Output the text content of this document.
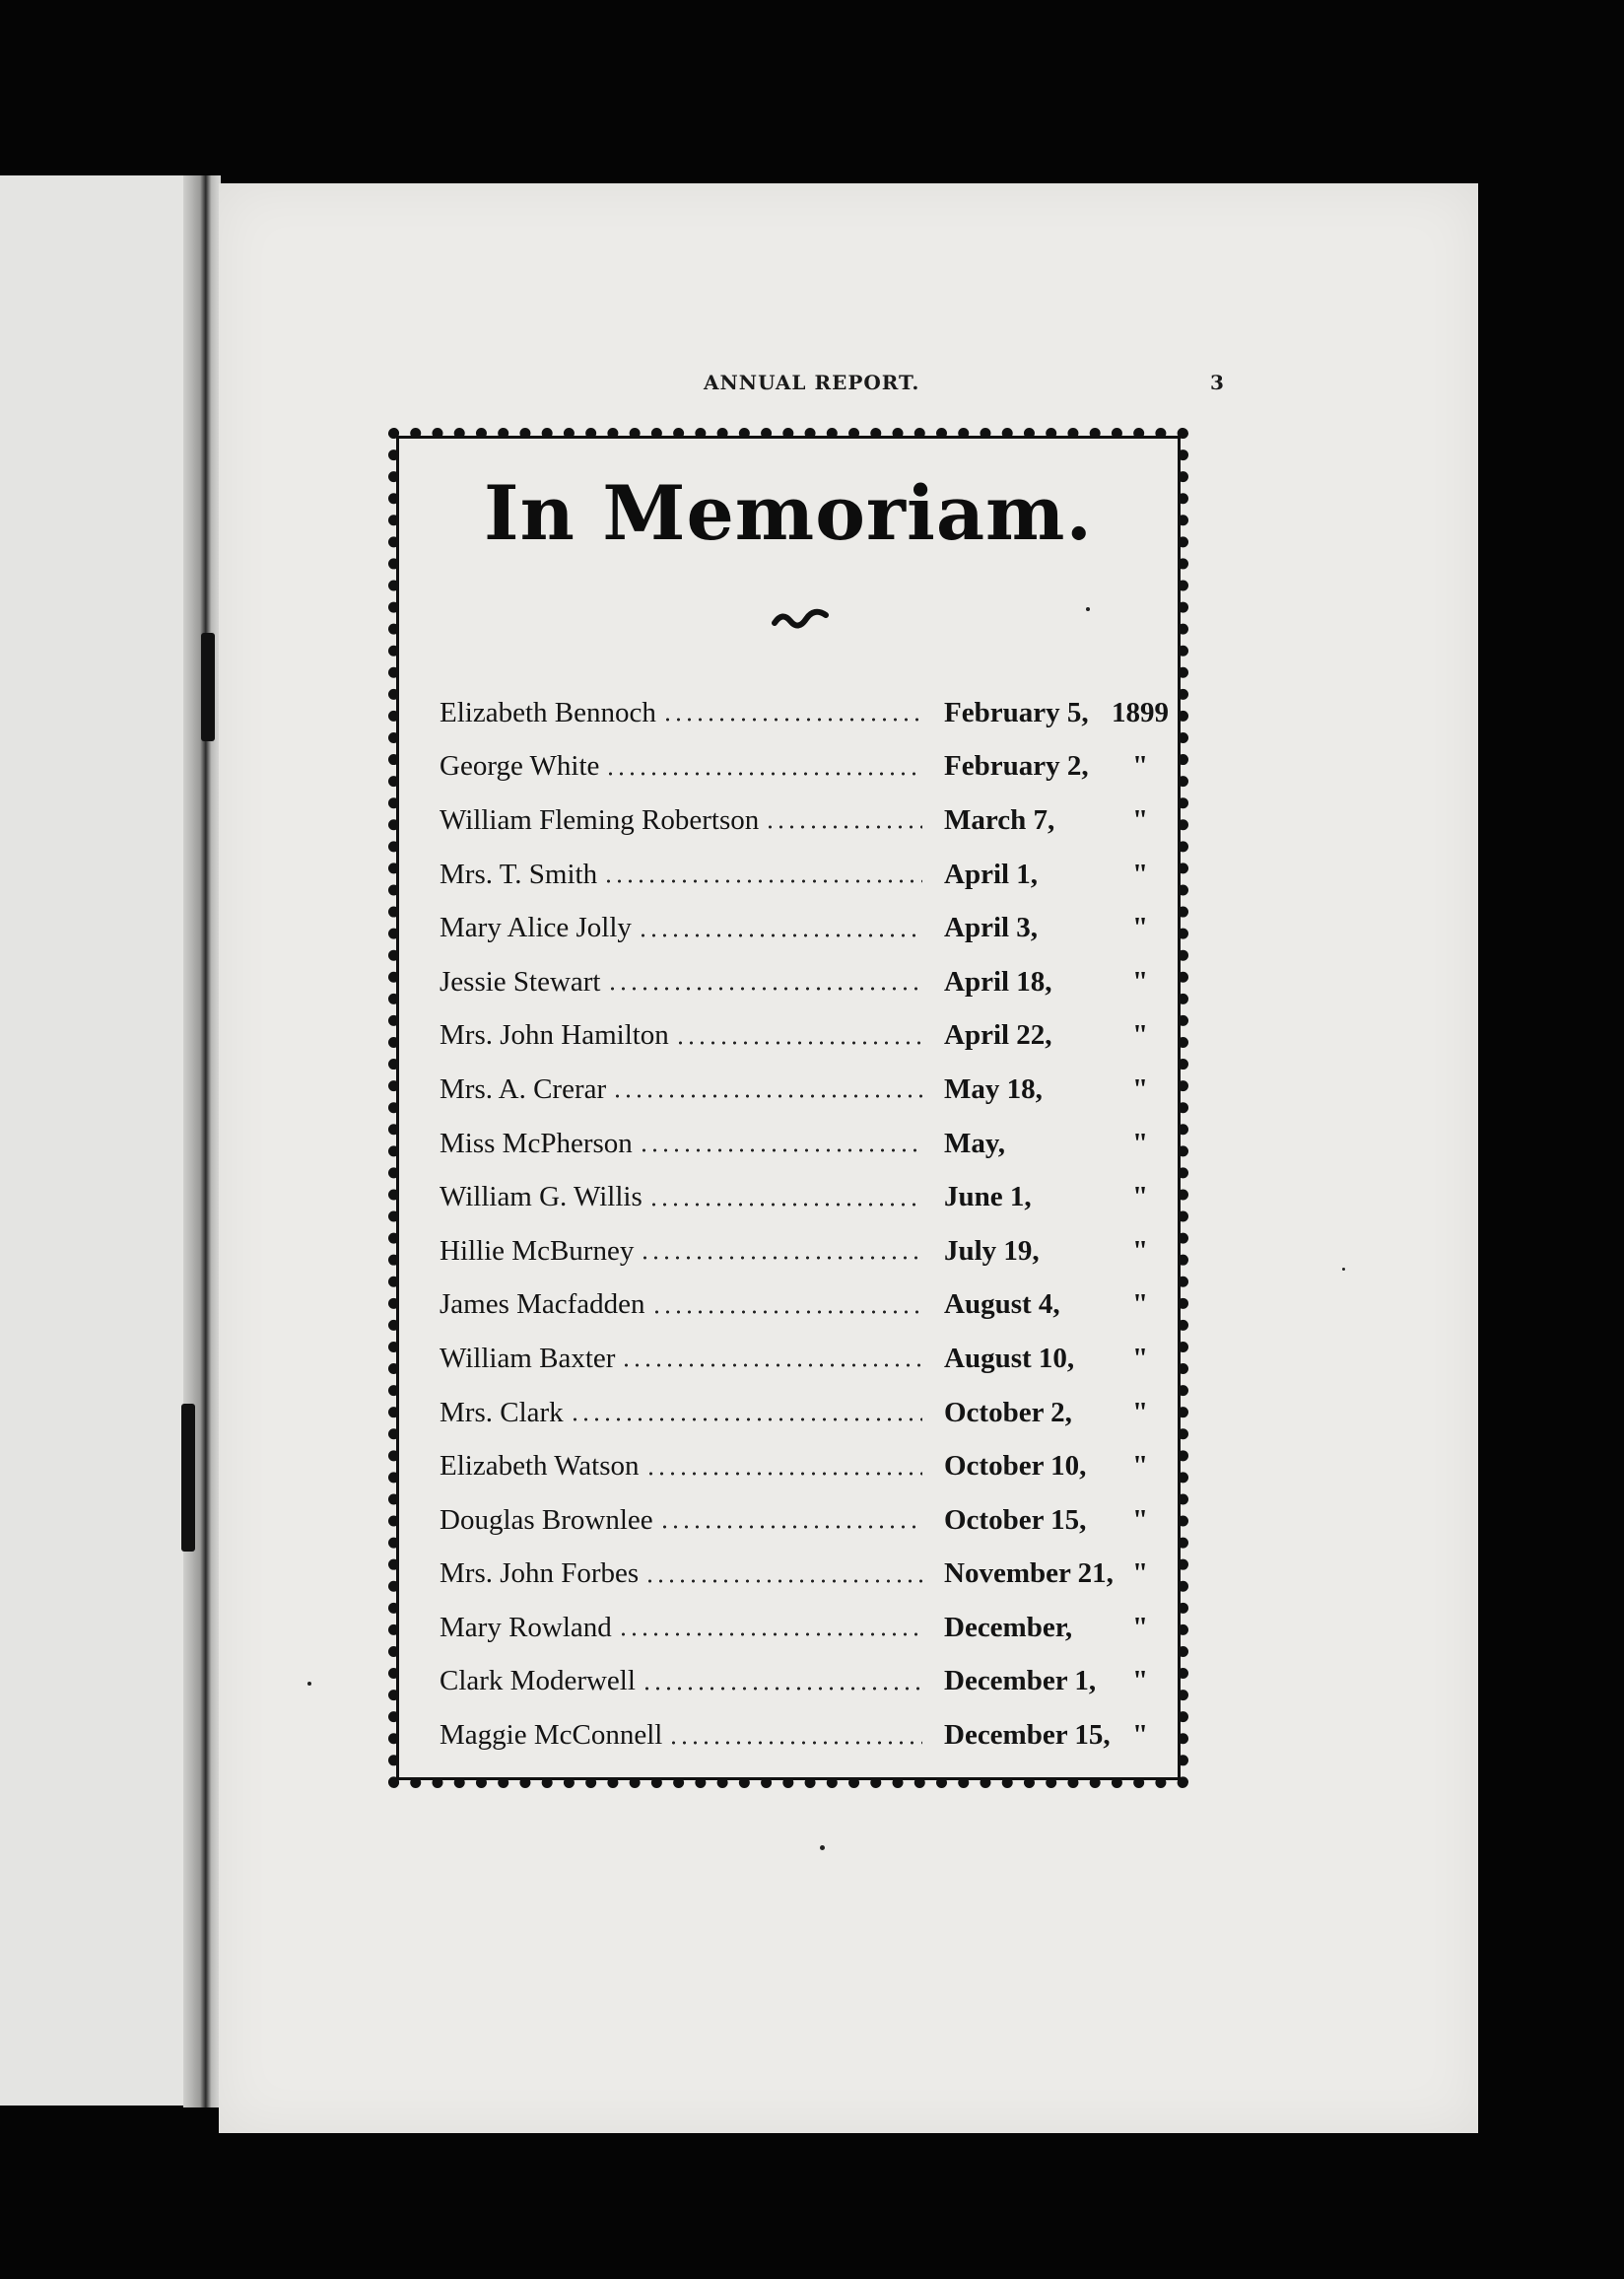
ANNUAL REPORT.	3
In Memoriam.
Elizabeth Bennoch	February 5, 1899
George White	February 2,	"
William Fleming Robertson	March 7,	"
Mrs. T. Smith	April 1,	"
Mary Alice Jolly	April 3,	"
Jessie Stewart	April 18,	"
Mrs. John Hamilton	April 22,	"
Mrs. A. Crerar	May 18,	"
Miss McPherson	May,	"
William G. Willis	June 1,	"
Hillie McBurney	July 19,	"
James Macfadden	August 4,	"
William Baxter	August 10,	"
Mrs. Clark	October 2,	"
Elizabeth Watson	October 10,	"
Douglas Brownlee	October 15,	"
Mrs. John Forbes	November 21, "
Mary Rowland	December,	"
Clark Moderwell	December 1,	"
Maggie McConnell	December 15, "
